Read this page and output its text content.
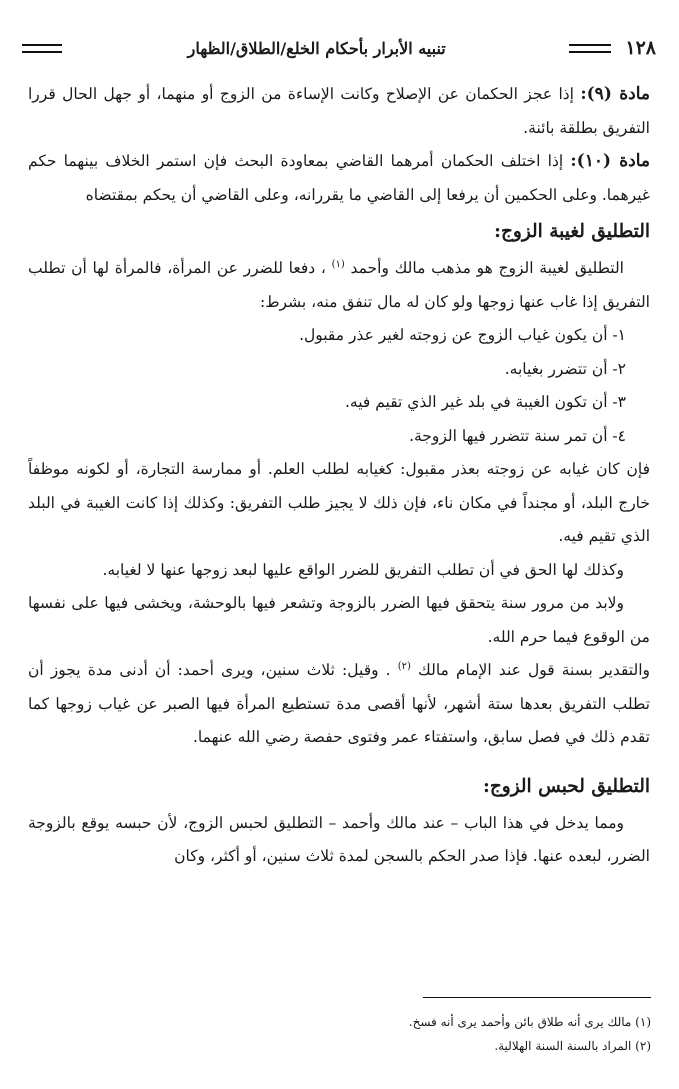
١٢٨
تنبيه الأبرار بأحكام الخلع/الطلاق/الظهار

مادة (٩): إذا عجز الحكمان عن الإصلاح وكانت الإساءة من الزوج أو منهما، أو جهل الحال قررا التفريق بطلقة بائنة.

مادة (١٠): إذا اختلف الحكمان أمرهما القاضي بمعاودة البحث فإن استمر الخلاف بينهما حكم غيرهما. وعلى الحكمين أن يرفعا إلى القاضي ما يقررانه، وعلى القاضي أن يحكم بمقتضاه

التطليق لغيبة الزوج:

التطليق لغيبة الزوج هو مذهب مالك وأحمد $^{(١)}$ ، دفعا للضرر عن المرأة، فالمرأة لها أن تطلب التفريق إذا غاب عنها زوجها ولو كان له مال تنفق منه، بشرط:

١- أن يكون غياب الزوج عن زوجته لغير عذر مقبول.

٢- أن تتضرر بغيابه.

٣- أن تكون الغيبة في بلد غير الذي تقيم فيه.

٤- أن تمر سنة تتضرر فيها الزوجة.

فإن كان غيابه عن زوجته بعذر مقبول: كغيابه لطلب العلم. أو ممارسة التجارة، أو لكونه موظفاً خارج البلد، أو مجنداً في مكان ناء، فإن ذلك لا يجيز طلب التفريق: وكذلك إذا كانت الغيبة في البلد الذي تقيم فيه.

وكذلك لها الحق في أن تطلب التفريق للضرر الواقع عليها لبعد زوجها عنها لا لغيابه.

ولابد من مرور سنة يتحقق فيها الضرر بالزوجة وتشعر فيها بالوحشة، ويخشى فيها على نفسها من الوقوع فيما حرم الله.

والتقدير بسنة قول عند الإمام مالك $^{(٢)}$ . وقيل: ثلاث سنين، ويرى أحمد: أن أدنى مدة يجوز أن تطلب التفريق بعدها ستة أشهر، لأنها أقصى مدة تستطيع المرأة فيها الصبر عن غياب زوجها كما تقدم ذلك في فصل سابق، واستفتاء عمر وفتوى حفصة رضي الله عنهما.

التطليق لحبس الزوج:

ومما يدخل في هذا الباب – عند مالك وأحمد – التطليق لحبس الزوج، لأن حبسه يوقع بالزوجة الضرر، لبعده عنها. فإذا صدر الحكم بالسجن لمدة ثلاث سنين، أو أكثر، وكان

(١) مالك يرى أنه طلاق بائن وأحمد يرى أنه فسخ.

(٢) المراد بالسنة السنة الهلالية.
